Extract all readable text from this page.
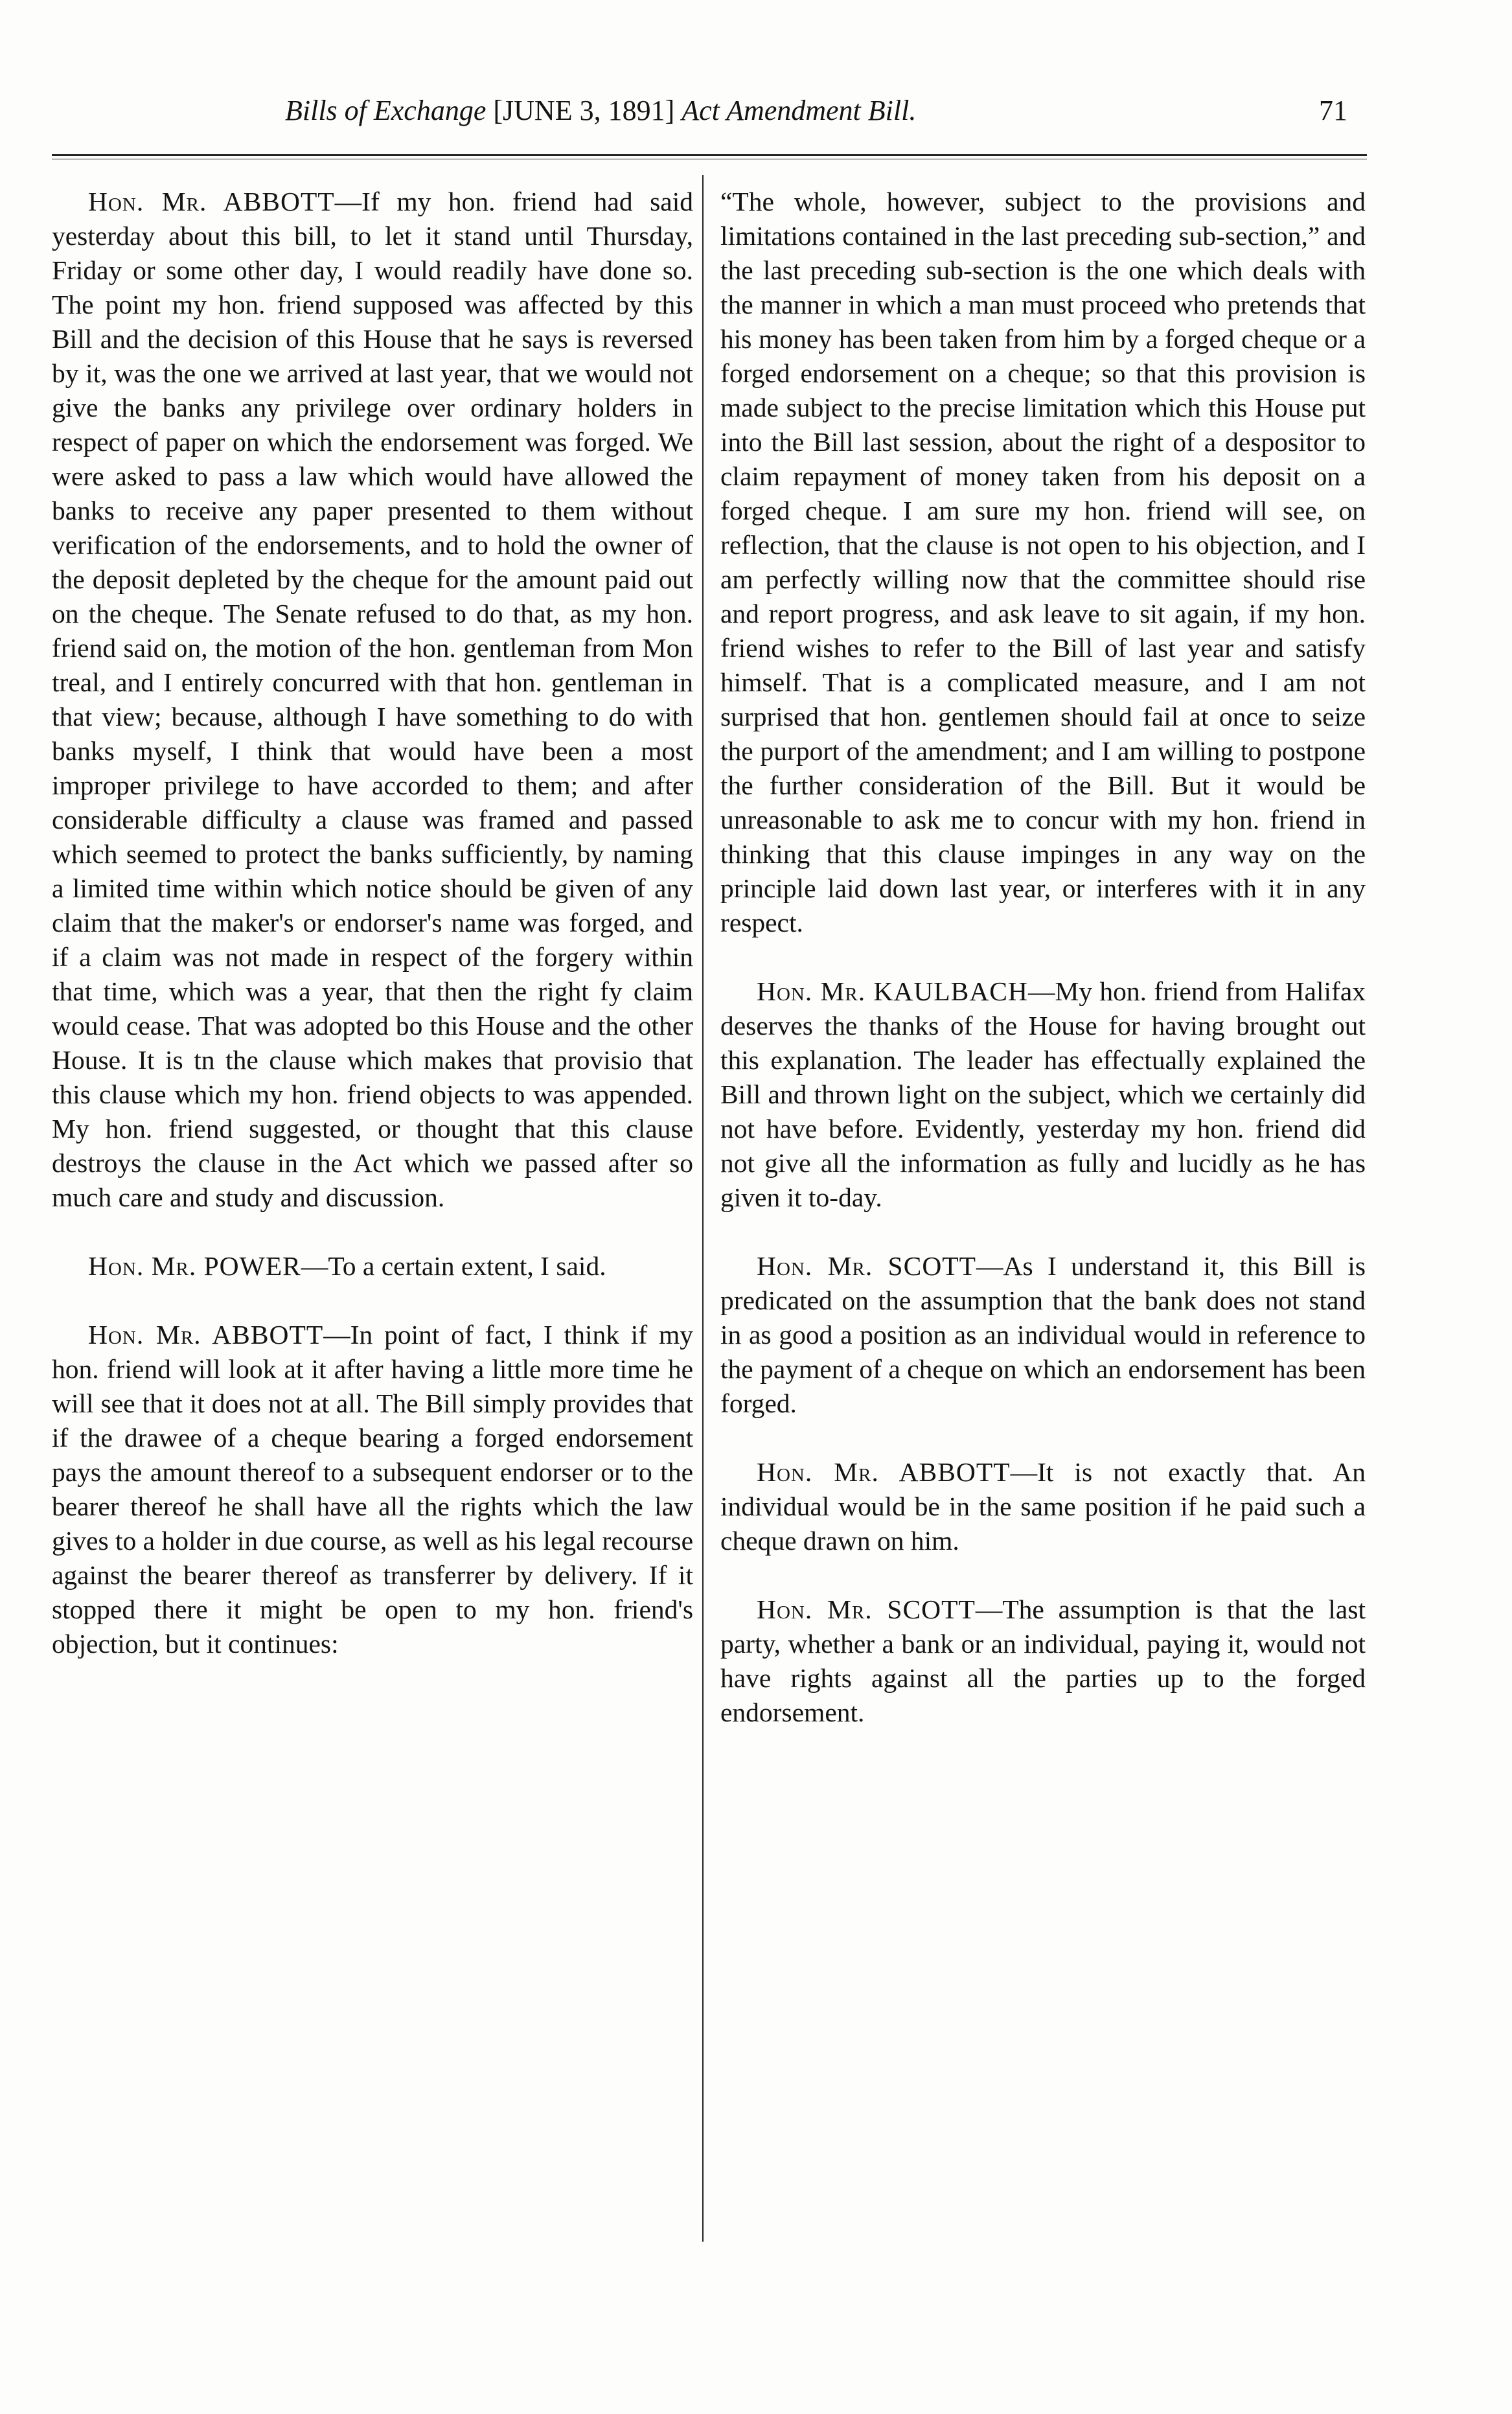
Bills of Exchange [JUNE 3, 1891] Act Amendment Bill.	71

Hon. Mr. ABBOTT—If my hon. friend had said yesterday about this bill, to let it stand until Thursday, Friday or some other day, I would readily have done so. The point my hon. friend supposed was affected by this Bill and the decision of this House that he says is reversed by it, was the one we arrived at last year, that we would not give the banks any privilege over ordinary holders in respect of paper on which the endorsement was forged. We were asked to pass a law which would have allowed the banks to receive any paper presented to them without verification of the endorsements, and to hold the owner of the deposit depleted by the cheque for the amount paid out on the cheque. The Senate refused to do that, as my hon. friend said on, the motion of the hon. gentleman from Mon treal, and I entirely concurred with that hon. gentleman in that view; because, although I have something to do with banks myself, I think that would have been a most improper privilege to have accorded to them; and after considerable difficulty a clause was framed and passed which seemed to protect the banks sufficiently, by naming a limited time within which notice should be given of any claim that the maker's or endorser's name was forged, and if a claim was not made in respect of the forgery within that time, which was a year, that then the right fy claim would cease. That was adopted bo this House and the other House. It is tn the clause which makes that provisio that this clause which my hon. friend objects to was appended. My hon. friend suggested, or thought that this clause destroys the clause in the Act which we passed after so much care and study and discussion.

Hon. Mr. POWER—To a certain extent, I said.

Hon. Mr. ABBOTT—In point of fact, I think if my hon. friend will look at it after having a little more time he will see that it does not at all. The Bill simply provides that if the drawee of a cheque bearing a forged endorsement pays the amount thereof to a subsequent endorser or to the bearer thereof he shall have all the rights which the law gives to a holder in due course, as well as his legal recourse against the bearer thereof as transferrer by delivery. If it stopped there it might be open to my hon. friend's objection, but it continues:

“The whole, however, subject to the provisions and limitations contained in the last preceding sub-section,” and the last preceding sub-section is the one which deals with the manner in which a man must proceed who pretends that his money has been taken from him by a forged cheque or a forged endorsement on a cheque; so that this provision is made subject to the precise limitation which this House put into the Bill last session, about the right of a despositor to claim repayment of money taken from his deposit on a forged cheque. I am sure my hon. friend will see, on reflection, that the clause is not open to his objection, and I am perfectly willing now that the committee should rise and report progress, and ask leave to sit again, if my hon. friend wishes to refer to the Bill of last year and satisfy himself. That is a complicated measure, and I am not surprised that hon. gentlemen should fail at once to seize the purport of the amendment; and I am willing to postpone the further consideration of the Bill. But it would be unreasonable to ask me to concur with my hon. friend in thinking that this clause impinges in any way on the principle laid down last year, or interferes with it in any respect.

Hon. Mr. KAULBACH—My hon. friend from Halifax deserves the thanks of the House for having brought out this explanation. The leader has effectually explained the Bill and thrown light on the subject, which we certainly did not have before. Evidently, yesterday my hon. friend did not give all the information as fully and lucidly as he has given it to-day.

Hon. Mr. SCOTT—As I understand it, this Bill is predicated on the assumption that the bank does not stand in as good a position as an individual would in reference to the payment of a cheque on which an endorsement has been forged.

Hon. Mr. ABBOTT—It is not exactly that. An individual would be in the same position if he paid such a cheque drawn on him.

Hon. Mr. SCOTT—The assumption is that the last party, whether a bank or an individual, paying it, would not have rights against all the parties up to the forged endorsement.
